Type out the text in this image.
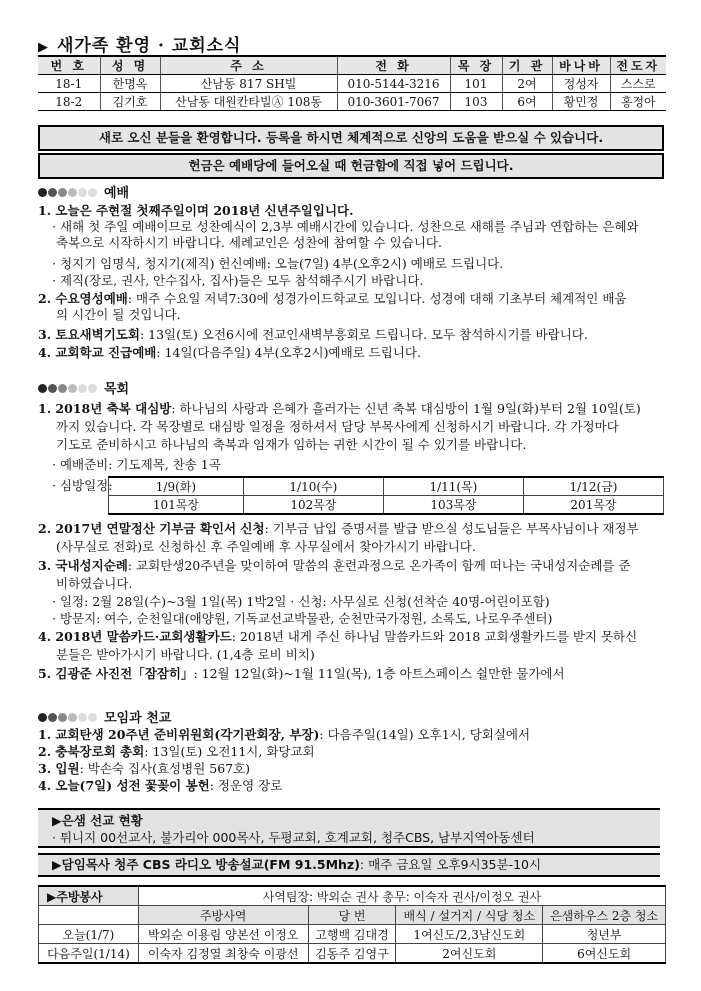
▶ 새가족 환영 · 교회소식
번 호	성 명	주 소	전 화	목 장	기 관	바나바	전도자
18-1	한명옥	산남동 817 SH빌	010-5144-3216	101	2여	정성자	스스로
18-2	김기호	산남동 대원칸타빌Ⓐ 108동	010-3601-7067	103	6여	황민정	홍정아
새로 오신 분들을 환영합니다. 등록을 하시면 체계적으로 신앙의 도움을 받으실 수 있습니다.
헌금은 예배당에 들어오실 때 헌금함에 직접 넣어 드립니다.
예배
1. 오늘은 주현절 첫째주일이며 2018년 신년주일입니다.
· 새해 첫 주일 예배이므로 성찬예식이 2,3부 예배시간에 있습니다. 성찬으로 새해를 주님과 연합하는 은혜와
축복으로 시작하시기 바랍니다. 세례교인은 성찬에 참여할 수 있습니다.
· 청지기 임명식, 청지기(제직) 헌신예배: 오늘(7일) 4부(오후2시) 예배로 드립니다.
· 제직(장로, 권사, 안수집사, 집사)들은 모두 참석해주시기 바랍니다.
2. 수요영성예배: 매주 수요일 저녁7:30에 성경가이드학교로 모입니다. 성경에 대해 기초부터 체계적인 배움
의 시간이 될 것입니다.
3. 토요새벽기도회: 13일(토) 오전6시에 전교인새벽부흥회로 드립니다. 모두 참석하시기를 바랍니다.
4. 교회학교 진급예배: 14일(다음주일) 4부(오후2시)예배로 드립니다.
목회
1. 2018년 축복 대심방: 하나님의 사랑과 은혜가 흘러가는 신년 축복 대심방이 1월 9일(화)부터 2월 10일(토)
까지 있습니다. 각 목장별로 대심방 일정을 정하셔서 담당 부목사에게 신청하시기 바랍니다. 각 가정마다
기도로 준비하시고 하나님의 축복과 임재가 임하는 귀한 시간이 될 수 있기를 바랍니다.
· 예배준비: 기도제목, 찬송 1곡
· 심방일정:	1/9(화)	1/10(수)	1/11(목)	1/12(금)
101목장	102목장	103목장	201목장
2. 2017년 연말정산 기부금 확인서 신청: 기부금 납입 증명서를 발급 받으실 성도님들은 부목사님이나 재정부
(사무실로 전화)로 신청하신 후 주일예배 후 사무실에서 찾아가시기 바랍니다.
3. 국내성지순례: 교회탄생20주년을 맞이하여 말씀의 훈련과정으로 온가족이 함께 떠나는 국내성지순례를 준
비하였습니다.
· 일정: 2월 28일(수)~3월 1일(목) 1박2일 · 신청: 사무실로 신청(선착순 40명-어린이포함)
· 방문지: 여수, 순천일대(애양원, 기독교선교박물관, 순천만국가정원, 소록도, 나로우주센터)
4. 2018년 말씀카드·교회생활카드: 2018년 내게 주신 하나님 말씀카드와 2018 교회생활카드를 받지 못하신
분들은 받아가시기 바랍니다. (1,4층 로비 비치)
5. 김광준 사진전「잠잠히」: 12월 12일(화)~1월 11일(목), 1층 아트스페이스 쉴만한 물가에서
모임과 천교
1. 교회탄생 20주년 준비위원회(각기관회장, 부장): 다음주일(14일) 오후1시, 당회실에서
2. 충북장로회 총회: 13일(토) 오전11시, 화당교회
3. 입원: 박손숙 집사(효성병원 567호)
4. 오늘(7일) 성전 꽃꽂이 봉헌: 정운영 장로
▶은샘 선교 현황
· 튀니지 00선교사, 불가리아 000목사, 두평교회, 호계교회, 청주CBS, 남부지역아동센터
▶담임목사 청주 CBS 라디오 방송설교(FM 91.5Mhz): 매주 금요일 오후9시35분-10시
▶주방봉사	사역팀장: 박외순 권사 총무: 이숙자 권사/이정오 권사			
	주방사역	당 번	배식 / 설거지 / 식당 청소	은샘하우스 2층 청소
오늘(1/7)	박외순 이용림 양본선 이정오	고행백 김대경	1여신도/2,3남신도회	청년부
다음주일(1/14)	이숙자 김정열 최창숙 이광선	김동주 김영구	2여신도회	6여신도회
